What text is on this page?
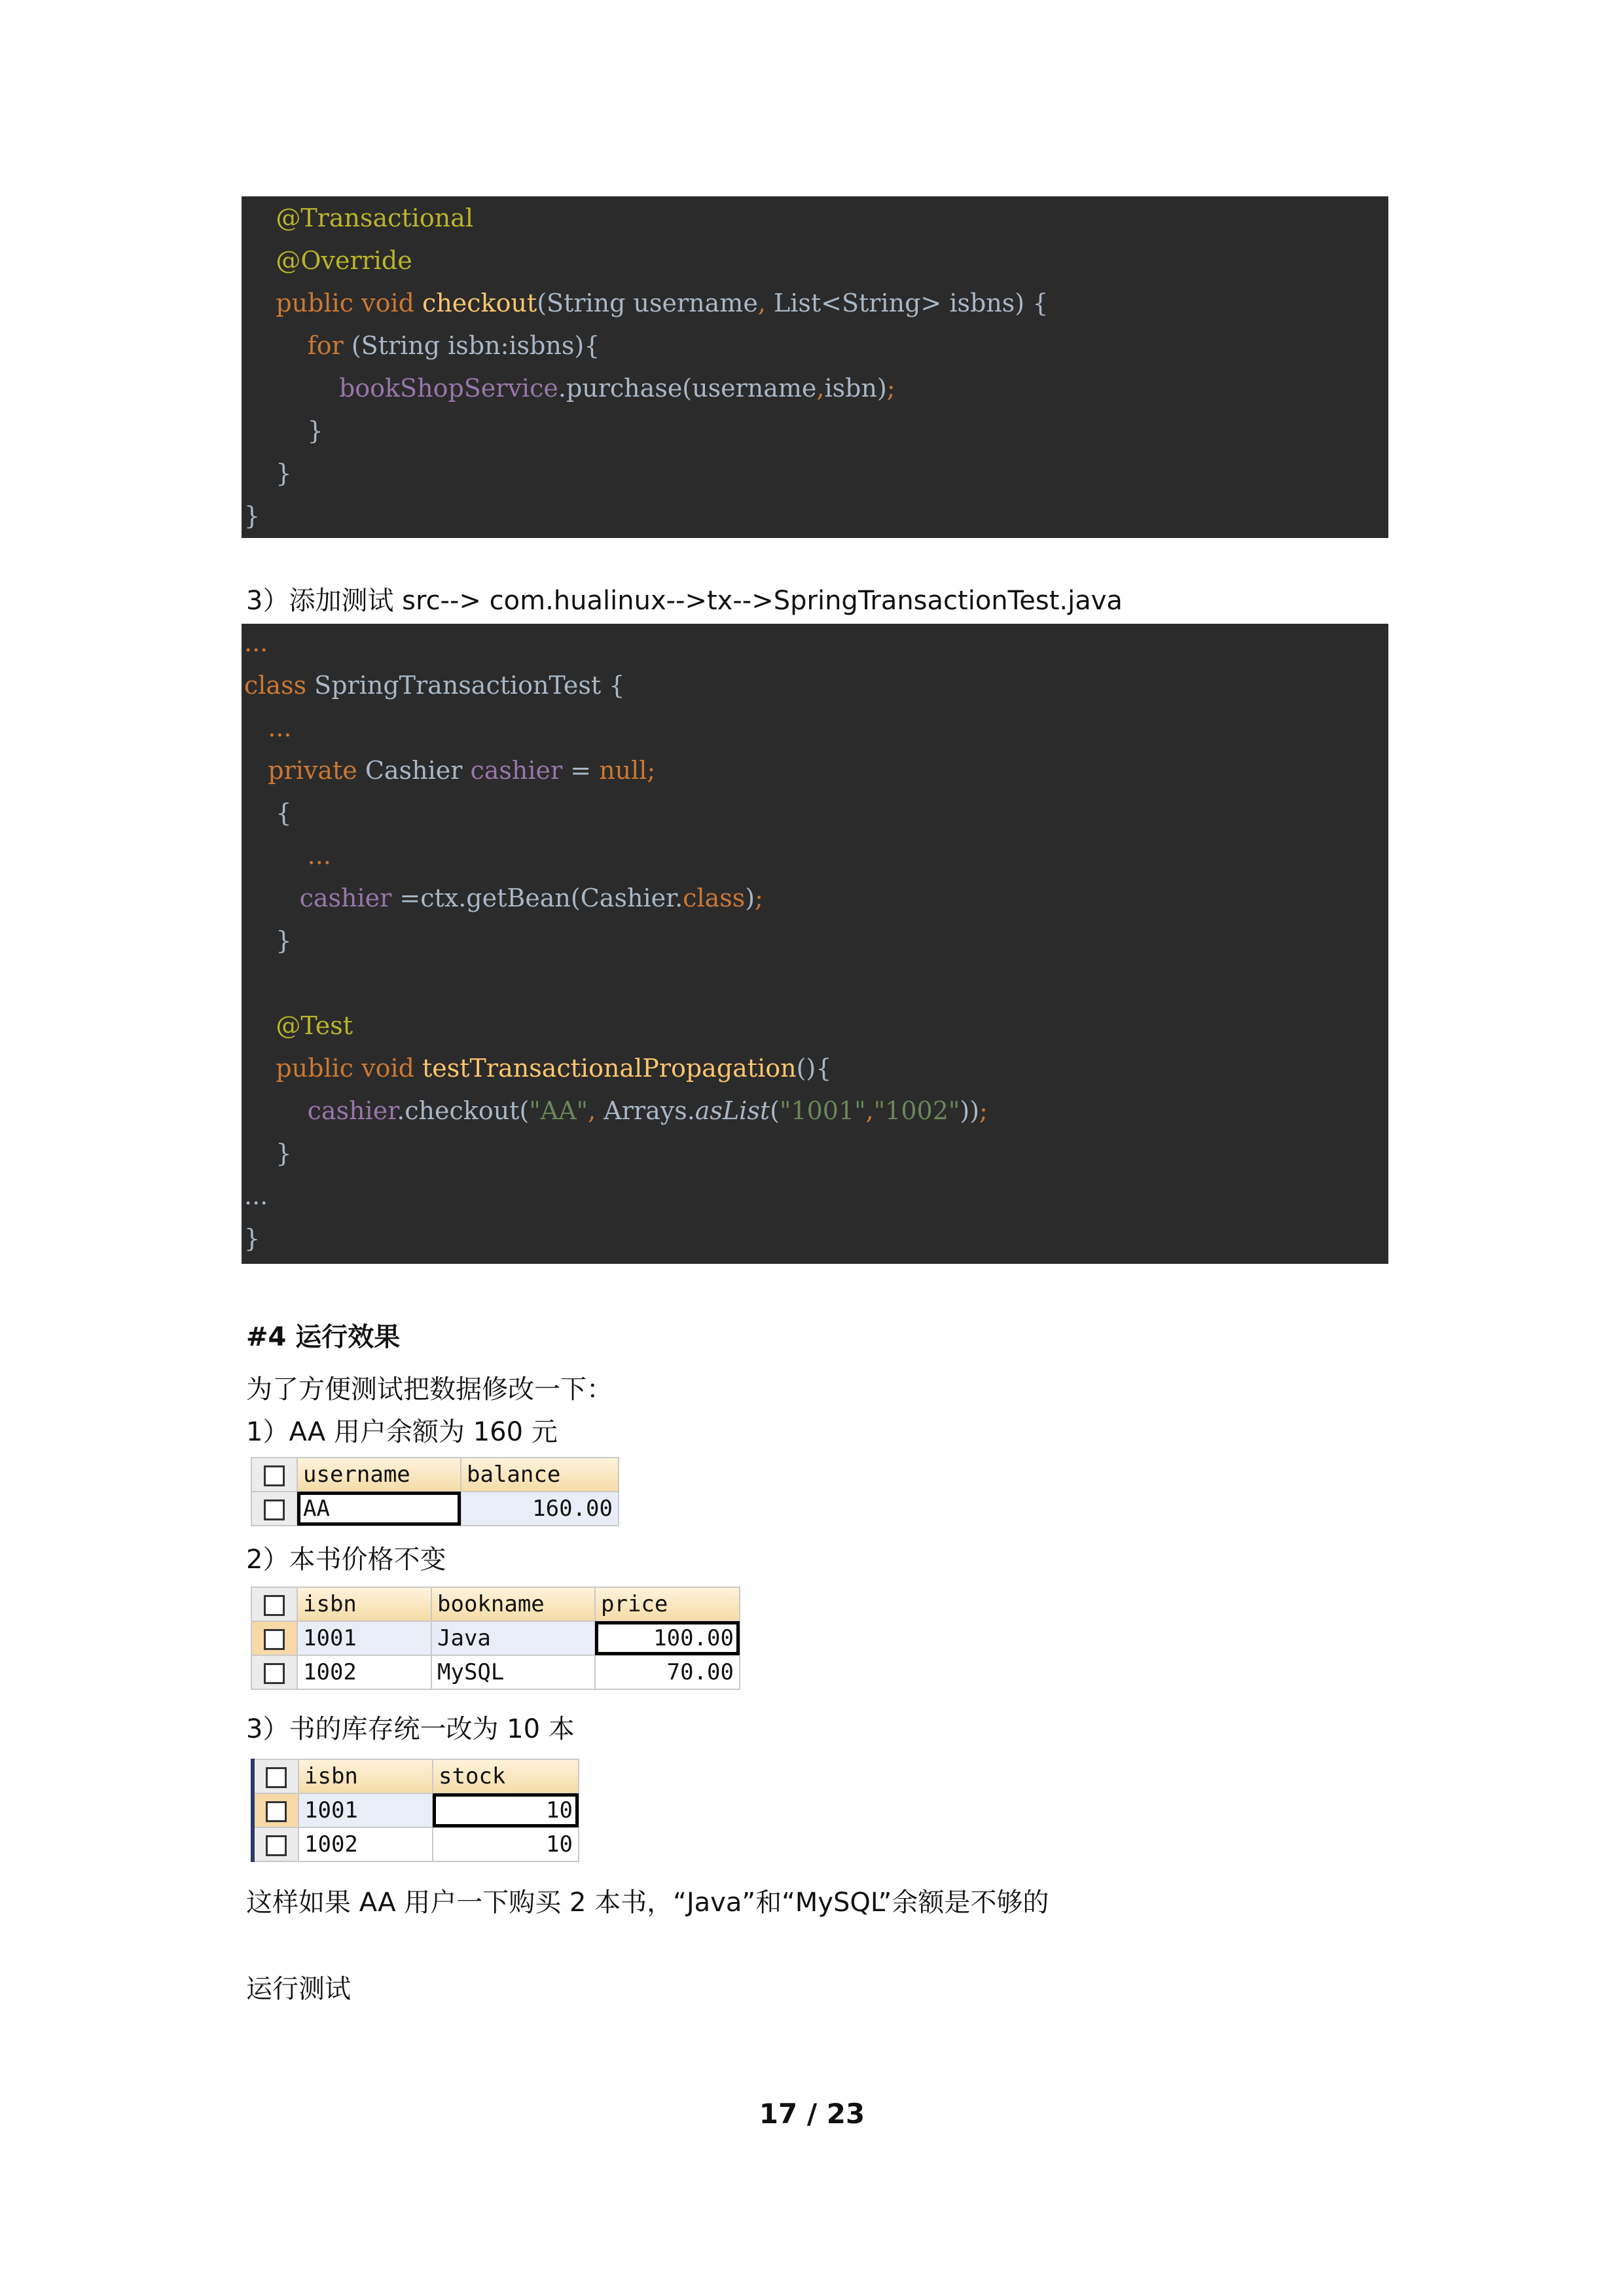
@Transactional
@Override
public void checkout(String username, List<String> isbns) {
for (String isbn:isbns){
bookShopService.purchase(username,isbn);
}
}
}
3）添加测试 src--> com.hualinux-->tx-->SpringTransactionTest.java
...
class SpringTransactionTest {
...
private Cashier cashier = null;
{
...
cashier =ctx.getBean(Cashier.class);
}
@Test
public void testTransactionalPropagation(){
cashier.checkout("AA", Arrays.asList("1001","1002"));
}
...
}
#4 运行效果
为了方便测试把数据修改一下：
1）AA 用户余额为 160 元
	username	balance
	AA	160.00
2）本书价格不变
	isbn	bookname	price
	1001	Java	100.00
	1002	MySQL	70.00
3）书的库存统一改为 10 本
	isbn	stock
	1001	10
	1002	10
这样如果 AA 用户一下购买 2 本书，“Java”和“MySQL”余额是不够的
运行测试
17 / 23
